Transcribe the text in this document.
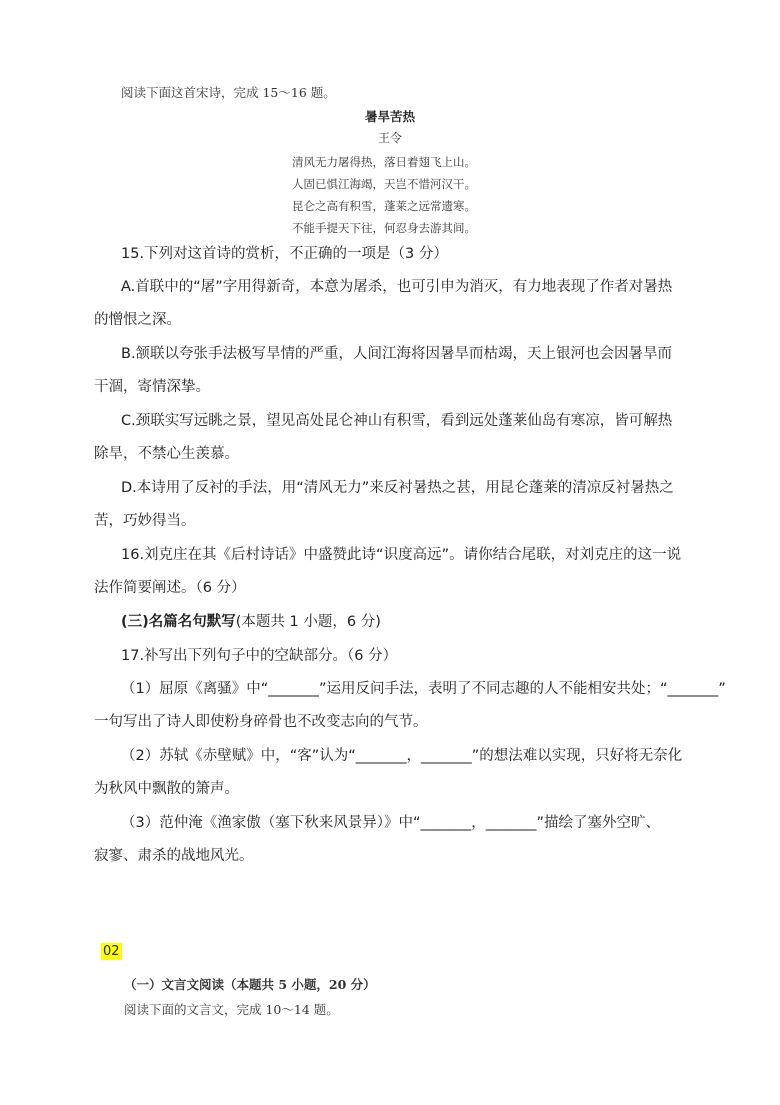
阅读下面这首宋诗，完成 15～16 题。
暑旱苦热
王令
清风无力屠得热，落日着翅飞上山。
人固已惧江海竭，天岂不惜河汉干。
昆仑之高有积雪，蓬莱之远常遗寒。
不能手提天下往，何忍身去游其间。
15.下列对这首诗的赏析，不正确的一项是（3 分）
A.首联中的“屠”字用得新奇，本意为屠杀，也可引申为消灭，有力地表现了作者对暑热
的憎恨之深。
B.颔联以夸张手法极写旱情的严重，人间江海将因暑旱而枯竭，天上银河也会因暑旱而
干涸，寄情深挚。
C.颈联实写远眺之景，望见高处昆仑神山有积雪，看到远处蓬莱仙岛有寒凉，皆可解热
除旱，不禁心生羡慕。
D.本诗用了反衬的手法，用“清风无力”来反衬暑热之甚，用昆仑蓬莱的清凉反衬暑热之
苦，巧妙得当。
16.刘克庄在其《后村诗话》中盛赞此诗“识度高远”。请你结合尾联，对刘克庄的这一说
法作简要阐述。（6 分）
(三)名篇名句默写(本题共 1 小题，6 分)
17.补写出下列句子中的空缺部分。（6 分）
（1）屈原《离骚》中“_______”运用反问手法，表明了不同志趣的人不能相安共处；“_______”
一句写出了诗人即使粉身碎骨也不改变志向的气节。
（2）苏轼《赤壁赋》中，“客”认为“_______，_______”的想法难以实现，只好将无奈化
为秋风中飘散的箫声。
（3）范仲淹《渔家傲（塞下秋来风景异）》中“_______，_______”描绘了塞外空旷、
寂寥、肃杀的战地风光。
02
（一）文言文阅读（本题共 5 小题，20 分）
阅读下面的文言文，完成 10～14 题。
